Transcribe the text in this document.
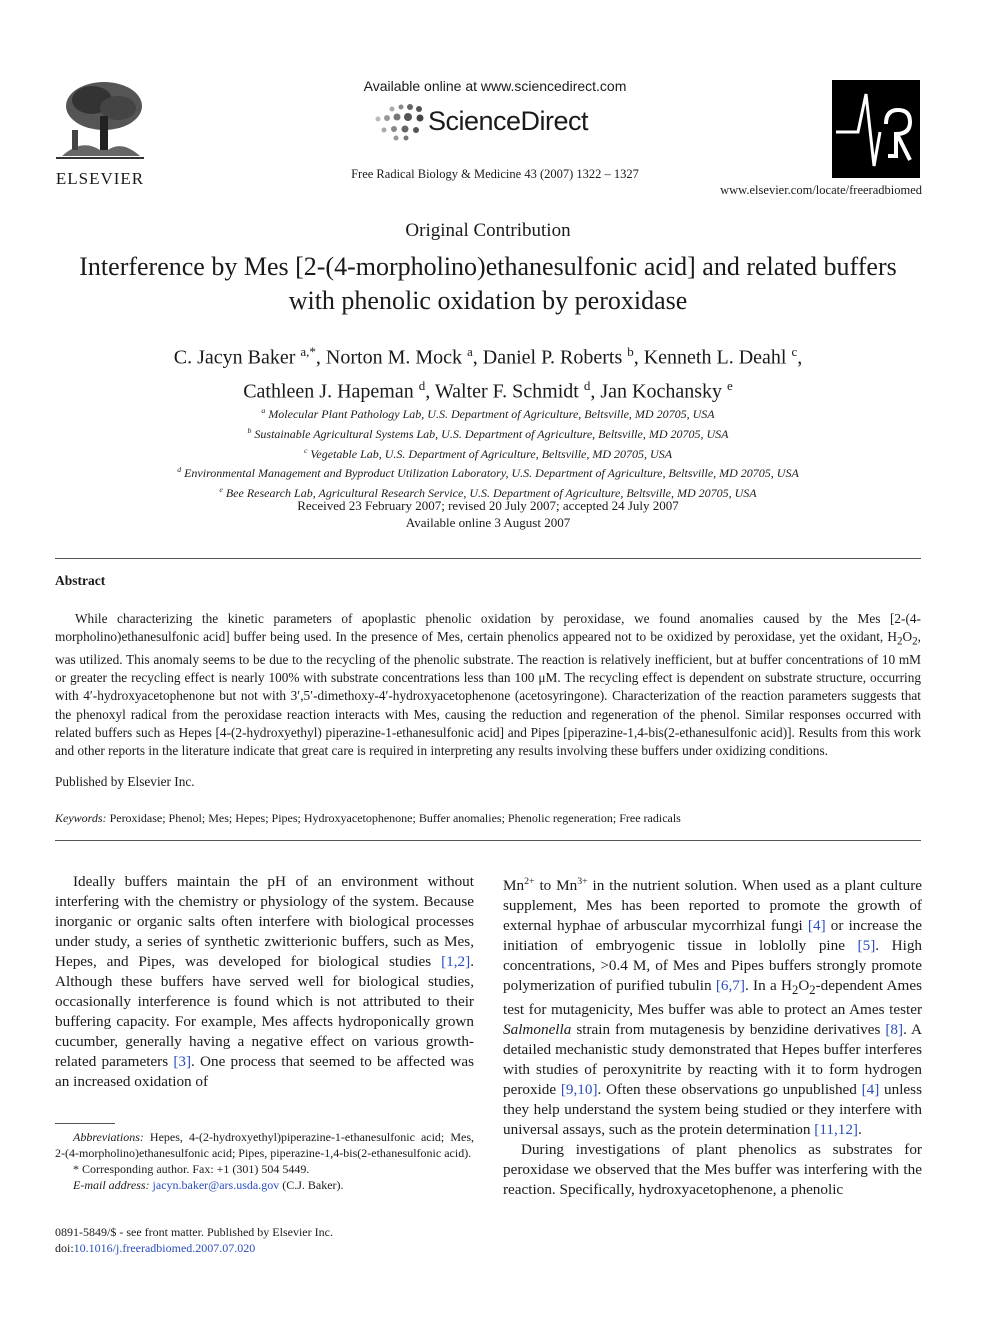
ELSEVIER
Available online at www.sciencedirect.com
ScienceDirect
Free Radical Biology & Medicine 43 (2007) 1322 – 1327
www.elsevier.com/locate/freeradbiomed
Original Contribution
Interference by Mes [2-(4-morpholino)ethanesulfonic acid] and related buffers with phenolic oxidation by peroxidase
C. Jacyn Baker $^{a,*}$, Norton M. Mock $^a$, Daniel P. Roberts $^b$, Kenneth L. Deahl $^c$,
Cathleen J. Hapeman $^d$, Walter F. Schmidt $^d$, Jan Kochansky $^e$
$^a$ Molecular Plant Pathology Lab, U.S. Department of Agriculture, Beltsville, MD 20705, USA
$^b$ Sustainable Agricultural Systems Lab, U.S. Department of Agriculture, Beltsville, MD 20705, USA
$^c$ Vegetable Lab, U.S. Department of Agriculture, Beltsville, MD 20705, USA
$^d$ Environmental Management and Byproduct Utilization Laboratory, U.S. Department of Agriculture, Beltsville, MD 20705, USA
$^e$ Bee Research Lab, Agricultural Research Service, U.S. Department of Agriculture, Beltsville, MD 20705, USA
Received 23 February 2007; revised 20 July 2007; accepted 24 July 2007
Available online 3 August 2007
Abstract
While characterizing the kinetic parameters of apoplastic phenolic oxidation by peroxidase, we found anomalies caused by the Mes [2-(4-morpholino)ethanesulfonic acid] buffer being used. In the presence of Mes, certain phenolics appeared not to be oxidized by peroxidase, yet the oxidant, $H_2O_2$, was utilized. This anomaly seems to be due to the recycling of the phenolic substrate. The reaction is relatively inefficient, but at buffer concentrations of 10 mM or greater the recycling effect is nearly 100% with substrate concentrations less than 100 μM. The recycling effect is dependent on substrate structure, occurring with 4′-hydroxyacetophenone but not with 3′,5′-dimethoxy-4′-hydroxyacetophenone (acetosyringone). Characterization of the reaction parameters suggests that the phenoxyl radical from the peroxidase reaction interacts with Mes, causing the reduction and regeneration of the phenol. Similar responses occurred with related buffers such as Hepes [4-(2-hydroxyethyl) piperazine-1-ethanesulfonic acid] and Pipes [piperazine-1,4-bis(2-ethanesulfonic acid)]. Results from this work and other reports in the literature indicate that great care is required in interpreting any results involving these buffers under oxidizing conditions.
Published by Elsevier Inc.
Keywords: Peroxidase; Phenol; Mes; Hepes; Pipes; Hydroxyacetophenone; Buffer anomalies; Phenolic regeneration; Free radicals

Ideally buffers maintain the pH of an environment without interfering with the chemistry or physiology of the system. Because inorganic or organic salts often interfere with biological processes under study, a series of synthetic zwitterionic buffers, such as Mes, Hepes, and Pipes, was developed for biological studies [1,2]. Although these buffers have served well for biological studies, occasionally interference is found which is not attributed to their buffering capacity. For example, Mes affects hydroponically grown cucumber, generally having a negative effect on various growth-related parameters [3]. One process that seemed to be affected was an increased oxidation of

Abbreviations: Hepes, 4-(2-hydroxyethyl)piperazine-1-ethanesulfonic acid; Mes, 2-(4-morpholino)ethanesulfonic acid; Pipes, piperazine-1,4-bis(2-ethanesulfonic acid).

* Corresponding author. Fax: +1 (301) 504 5449.

E-mail address: jacyn.baker@ars.usda.gov (C.J. Baker).

0891-5849/$ - see front matter. Published by Elsevier Inc.
doi:10.1016/j.freeradbiomed.2007.07.020

$Mn^{2+}$ to $Mn^{3+}$ in the nutrient solution. When used as a plant culture supplement, Mes has been reported to promote the growth of external hyphae of arbuscular mycorrhizal fungi [4] or increase the initiation of embryogenic tissue in loblolly pine [5]. High concentrations, >0.4 M, of Mes and Pipes buffers strongly promote polymerization of purified tubulin [6,7]. In a $H_2O_2$-dependent Ames test for mutagenicity, Mes buffer was able to protect an Ames tester Salmonella strain from mutagenesis by benzidine derivatives [8]. A detailed mechanistic study demonstrated that Hepes buffer interferes with studies of peroxynitrite by reacting with it to form hydrogen peroxide [9,10]. Often these observations go unpublished [4] unless they help understand the system being studied or they interfere with universal assays, such as the protein determination [11,12].

During investigations of plant phenolics as substrates for peroxidase we observed that the Mes buffer was interfering with the reaction. Specifically, hydroxyacetophenone, a phenolic
